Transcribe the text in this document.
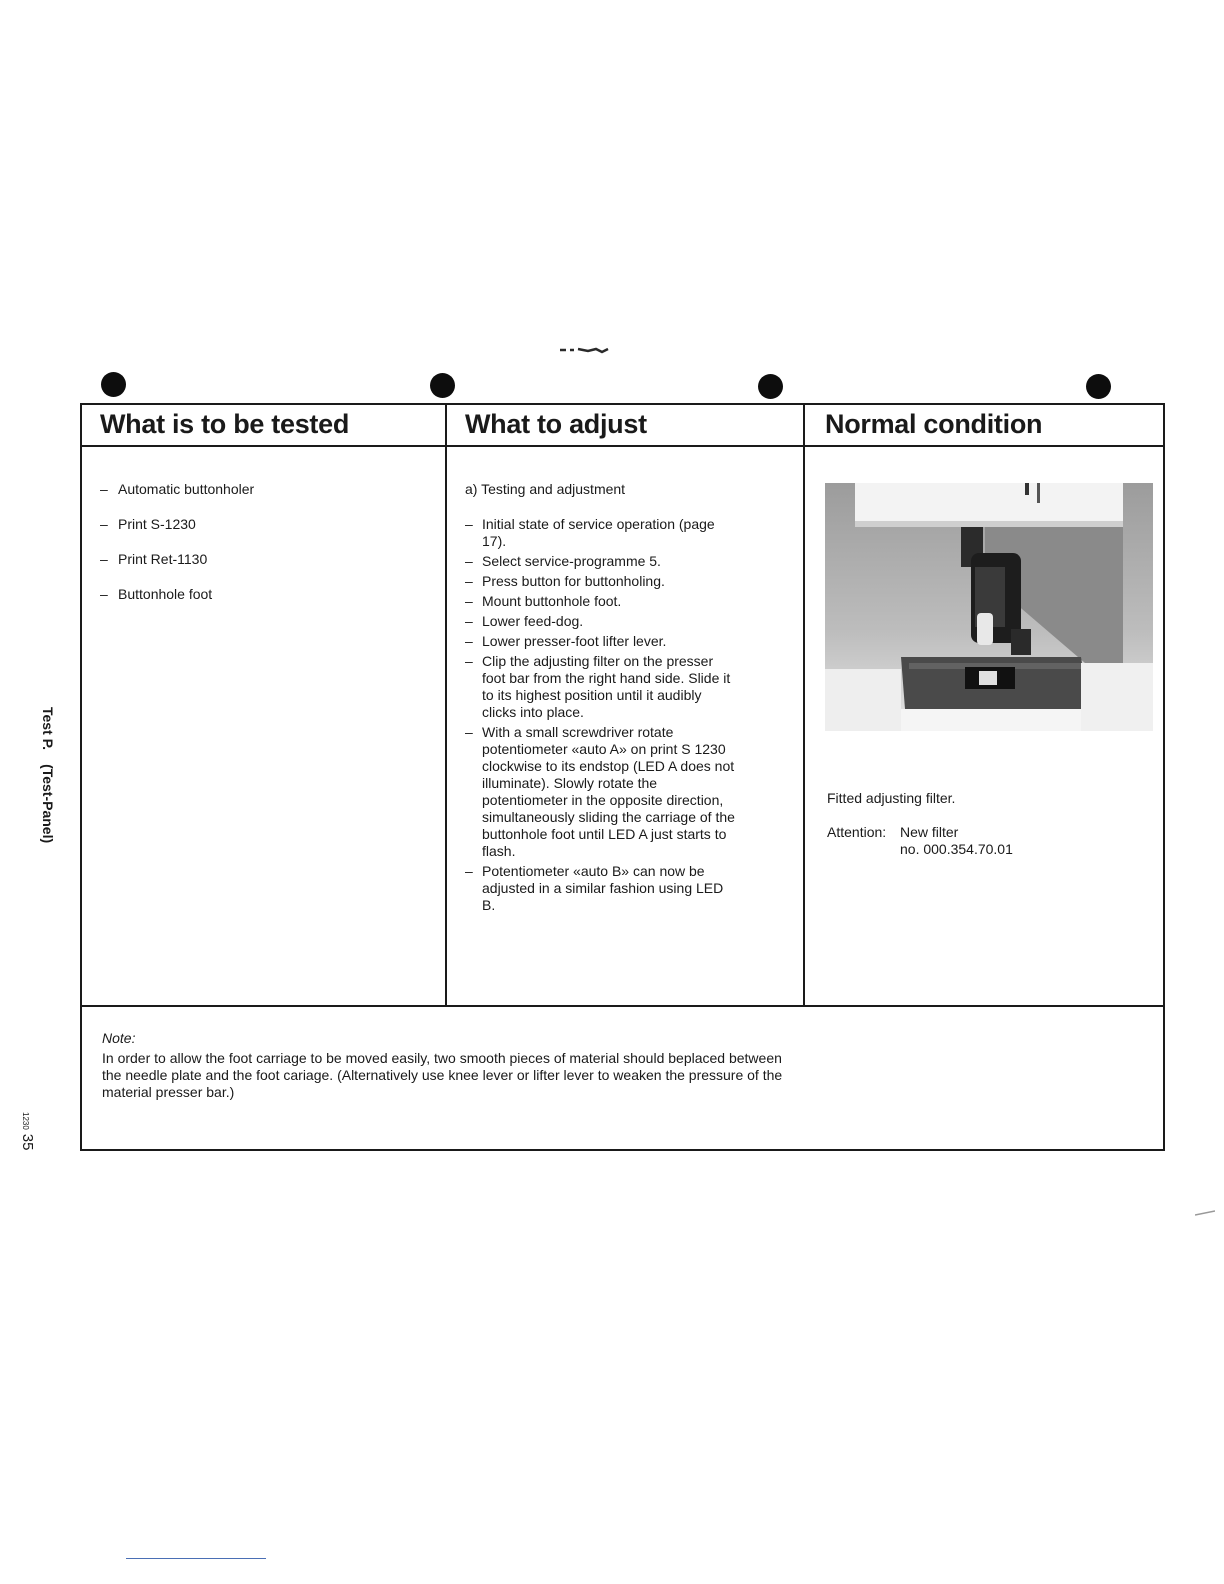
What is to be tested	What to adjust	Normal condition
– Automatic buttonholer
– Print S-1230
– Print Ret-1130
– Buttonhole foot
a) Testing and adjustment
– Initial state of service operation (page 17).
– Select service-programme 5.
– Press button for buttonholing.
– Mount buttonhole foot.
– Lower feed-dog.
– Lower presser-foot lifter lever.
– Clip the adjusting filter on the presser foot bar from the right hand side. Slide it to its highest position until it audibly clicks into place.
– With a small screwdriver rotate potentiometer «auto A» on print S 1230 clockwise to its endstop (LED A does not illuminate). Slowly rotate the potentiometer in the opposite direction, simultaneously sliding the carriage of the buttonhole foot until LED A just starts to flash.
– Potentiometer «auto B» can now be adjusted in a similar fashion using LED B.
Fitted adjusting filter.
Attention: New filter
no. 000.354.70.01
Note:
In order to allow the foot carriage to be moved easily, two smooth pieces of material should beplaced between the needle plate and the foot cariage. (Alternatively use knee lever or lifter lever to weaken the pressure of the material presser bar.)
Test P.(Test-Panel)
123035
